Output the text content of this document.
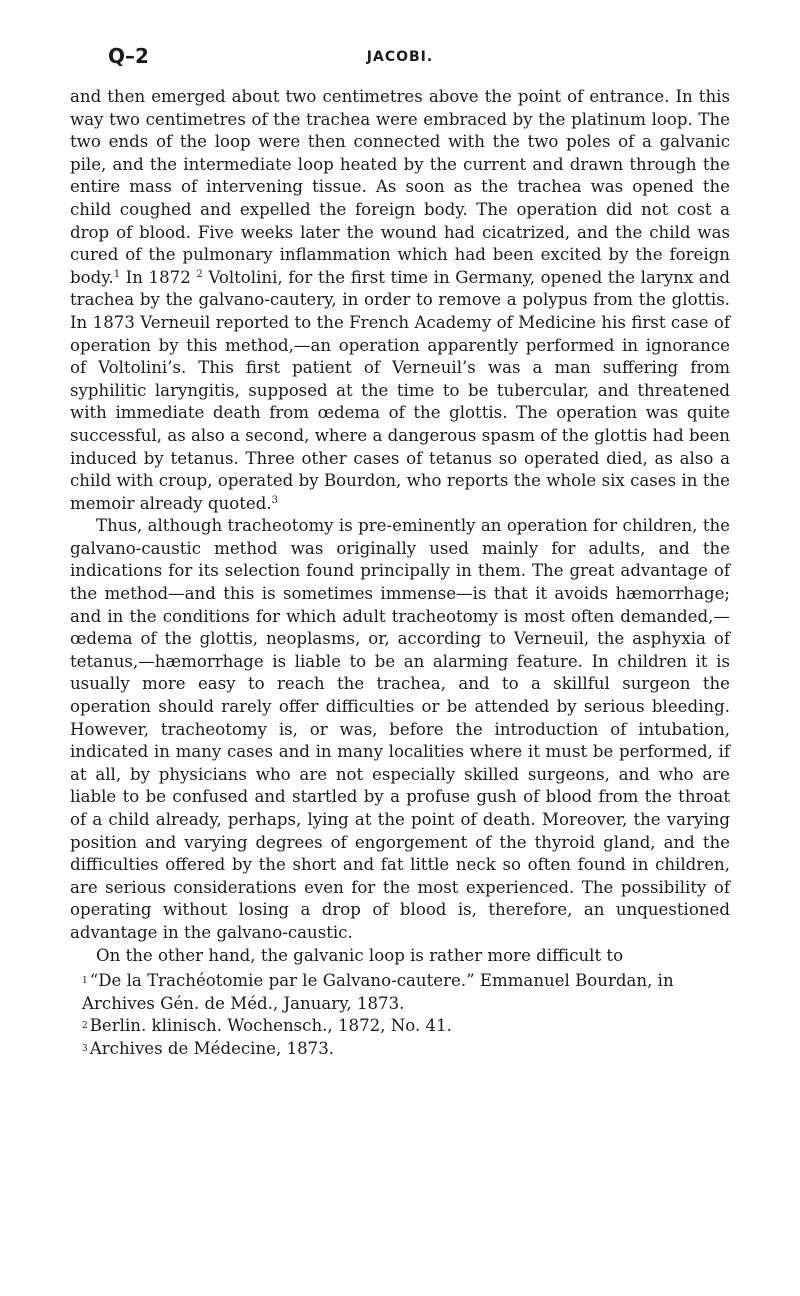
Q–2	JACOBI.

and then emerged about two centimetres above the point of entrance. In this way two centimetres of the trachea were embraced by the platinum loop. The two ends of the loop were then connected with the two poles of a galvanic pile, and the intermediate loop heated by the current and drawn through the entire mass of intervening tissue. As soon as the trachea was opened the child coughed and expelled the foreign body. The operation did not cost a drop of blood. Five weeks later the wound had cicatrized, and the child was cured of the pulmonary inflammation which had been excited by the foreign body.$^1$ In 1872 $^2$ Voltolini, for the first time in Germany, opened the larynx and trachea by the galvano-cautery, in order to remove a polypus from the glottis. In 1873 Verneuil reported to the French Academy of Medicine his first case of operation by this method,—an operation apparently performed in ignorance of Voltolini’s. This first patient of Verneuil’s was a man suffering from syphilitic laryngitis, supposed at the time to be tubercular, and threatened with immediate death from œdema of the glottis. The operation was quite successful, as also a second, where a dangerous spasm of the glottis had been induced by tetanus. Three other cases of tetanus so operated died, as also a child with croup, operated by Bourdon, who reports the whole six cases in the memoir already quoted.$^3$

Thus, although tracheotomy is pre-eminently an operation for children, the galvano-caustic method was originally used mainly for adults, and the indications for its selection found principally in them. The great advantage of the method—and this is sometimes immense—is that it avoids hæmorrhage; and in the conditions for which adult tracheotomy is most often demanded,—œdema of the glottis, neoplasms, or, according to Verneuil, the asphyxia of tetanus,—hæmorrhage is liable to be an alarming feature. In children it is usually more easy to reach the trachea, and to a skillful surgeon the operation should rarely offer difficulties or be attended by serious bleeding. However, tracheotomy is, or was, before the introduction of intubation, indicated in many cases and in many localities where it must be performed, if at all, by physicians who are not especially skilled surgeons, and who are liable to be confused and startled by a profuse gush of blood from the throat of a child already, perhaps, lying at the point of death. Moreover, the varying position and varying degrees of engorgement of the thyroid gland, and the difficulties offered by the short and fat little neck so often found in children, are serious considerations even for the most experienced. The possibility of operating without losing a drop of blood is, therefore, an unquestioned advantage in the galvano-caustic.

On the other hand, the galvanic loop is rather more difficult to

1 “De la Trachéotomie par le Galvano-cautere.” Emmanuel Bourdan, in Archives Gén. de Méd., January, 1873.

2 Berlin. klinisch. Wochensch., 1872, No. 41.

3 Archives de Médecine, 1873.
